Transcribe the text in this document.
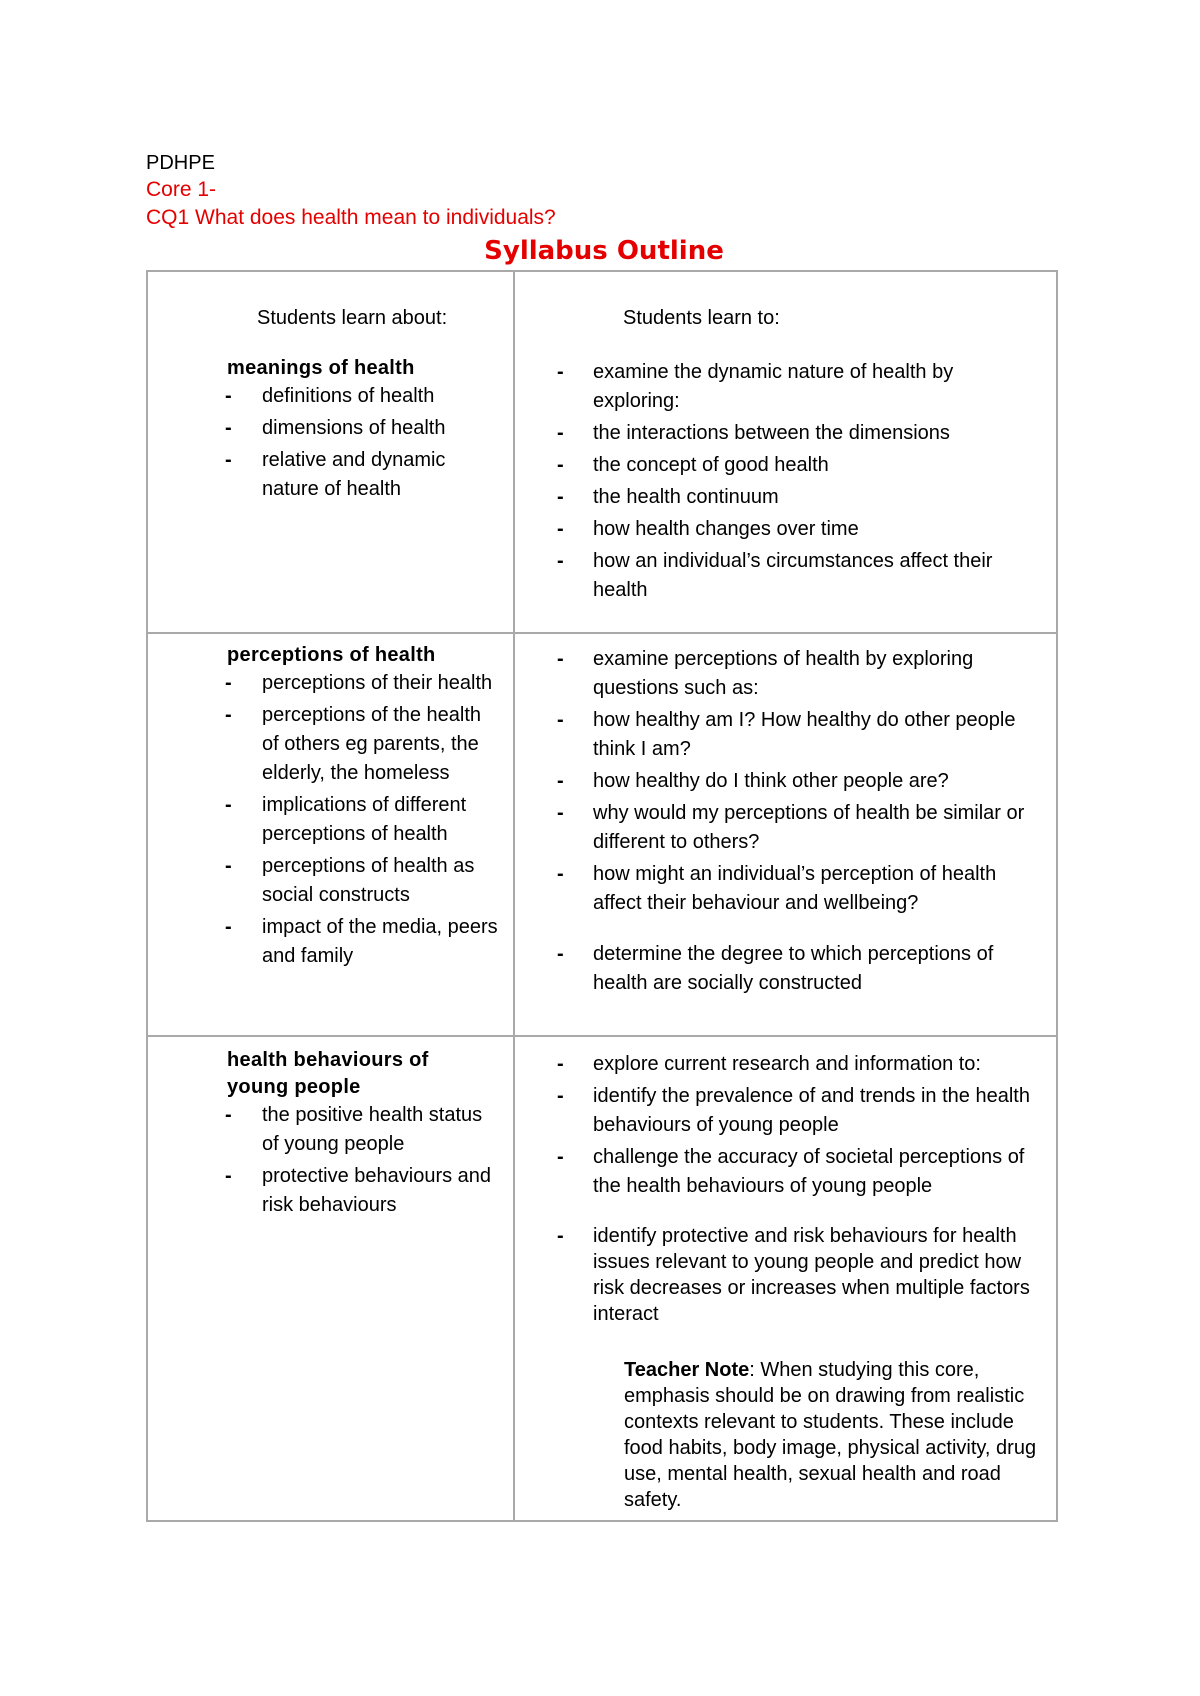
PDHPE
Core 1-
CQ1 What does health mean to individuals?
Syllabus Outline
Students learn about:	Students learn to:
meanings of health
- definitions of health
- dimensions of health
- relative and dynamic nature of health
- examine the dynamic nature of health by exploring:
- the interactions between the dimensions
- the concept of good health
- the health continuum
- how health changes over time
- how an individual’s circumstances affect their health
perceptions of health
- perceptions of their health
- perceptions of the health of others eg parents, the elderly, the homeless
- implications of different perceptions of health
- perceptions of health as social constructs
- impact of the media, peers and family
- examine perceptions of health by exploring questions such as:
- how healthy am I? How healthy do other people think I am?
- how healthy do I think other people are?
- why would my perceptions of health be similar or different to others?
- how might an individual’s perception of health affect their behaviour and wellbeing?
- determine the degree to which perceptions of health are socially constructed
health behaviours of young people
- the positive health status of young people
- protective behaviours and risk behaviours
- explore current research and information to:
- identify the prevalence of and trends in the health behaviours of young people
- challenge the accuracy of societal perceptions of the health behaviours of young people
- identify protective and risk behaviours for health issues relevant to young people and predict how risk decreases or increases when multiple factors interact
Teacher Note: When studying this core, emphasis should be on drawing from realistic contexts relevant to students. These include food habits, body image, physical activity, drug use, mental health, sexual health and road safety.
